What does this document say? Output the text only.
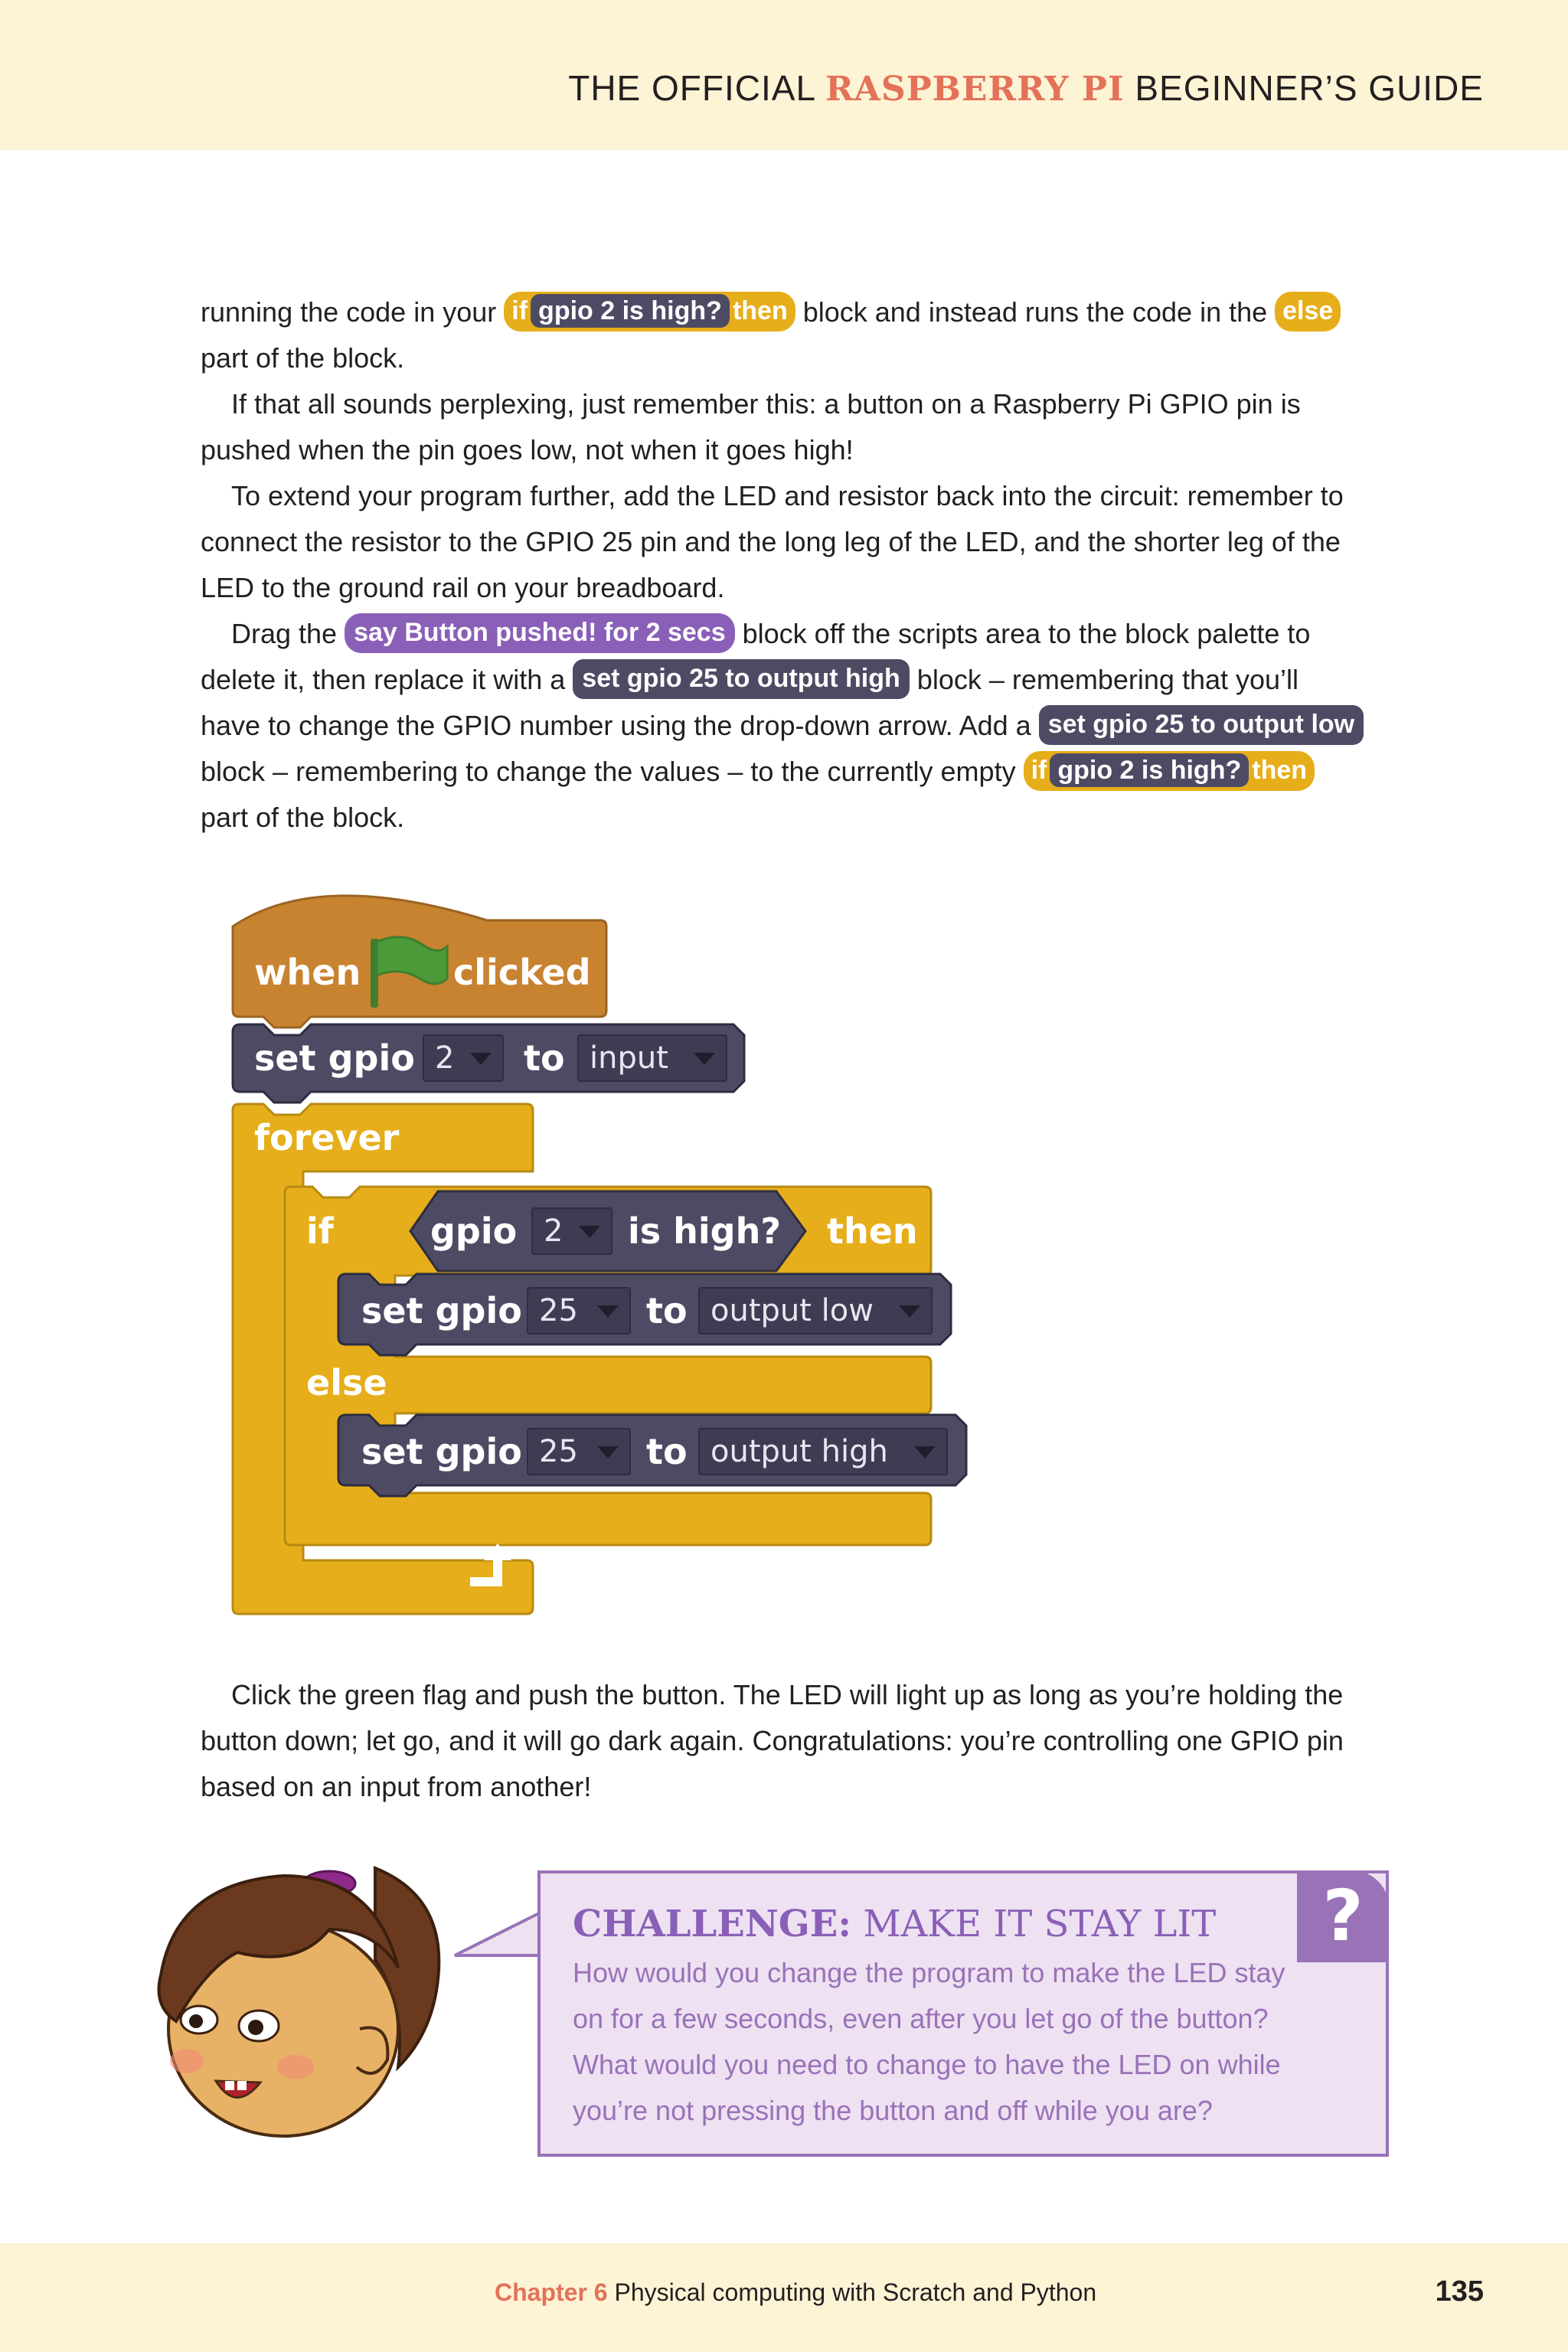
THE OFFICIAL RASPBERRY PI BEGINNER’S GUIDE

running the code in your if gpio 2 is high? then block and instead runs the code in the else

part of the block.

If that all sounds perplexing, just remember this: a button on a Raspberry Pi GPIO pin is

pushed when the pin goes low, not when it goes high!

To extend your program further, add the LED and resistor back into the circuit: remember to

connect the resistor to the GPIO 25 pin and the long leg of the LED, and the shorter leg of the

LED to the ground rail on your breadboard.

Drag the say Button pushed! for 2 secs block off the scripts area to the block palette to

delete it, then replace it with a set gpio 25 to output high block – remembering that you’ll

have to change the GPIO number using the drop-down arrow. Add a set gpio 25 to output low

block – remembering to change the values – to the currently empty if gpio 2 is high? then

part of the block.

when	clicked
set gpio 2	to input
forever
if	gpio 2	is high? then
set gpio 25	to output low
else
set gpio 25	to output high

Click the green flag and push the button. The LED will light up as long as you’re holding the

button down; let go, and it will go dark again. Congratulations: you’re controlling one GPIO pin

based on an input from another!

CHALLENGE: MAKE IT STAY LIT

How would you change the program to make the LED stay

on for a few seconds, even after you let go of the button?

What would you need to change to have the LED on while

you’re not pressing the button and off while you are?

?
Chapter 6 Physical computing with Scratch and Python	135
